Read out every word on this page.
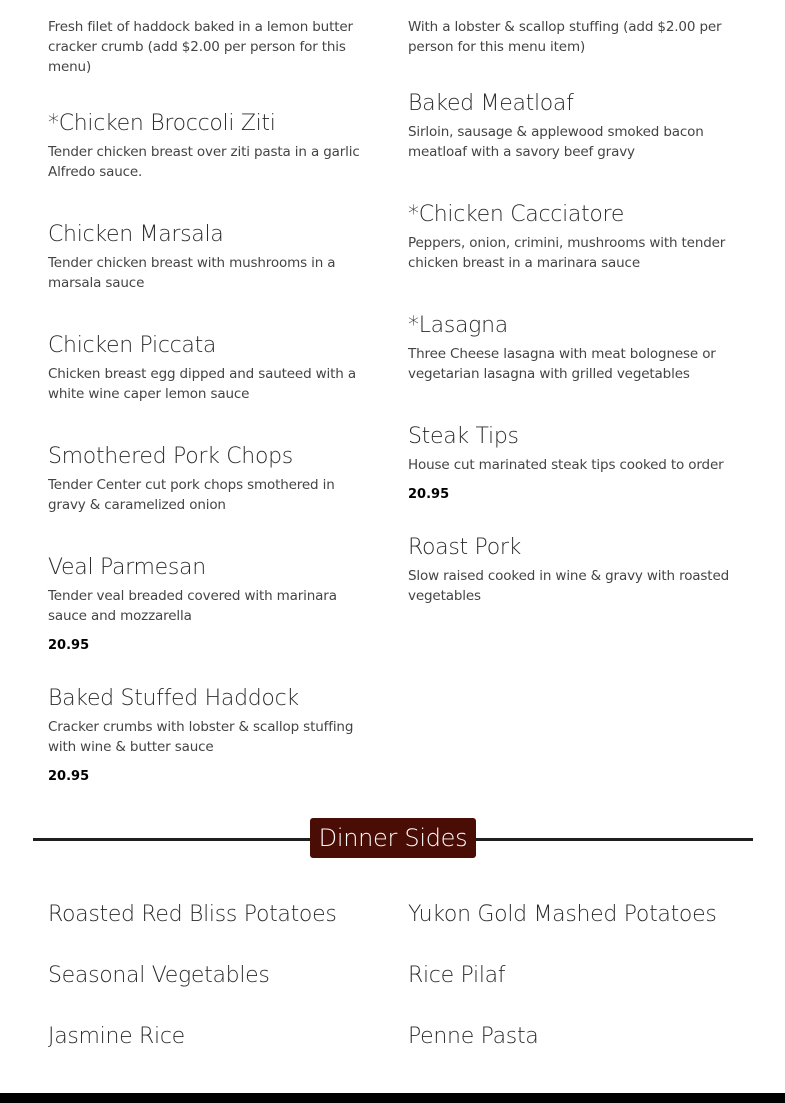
Fresh filet of haddock baked in a lemon butter cracker crumb (add $2.00 per person for this menu)
*Chicken Broccoli Ziti
Tender chicken breast over ziti pasta in a garlic Alfredo sauce.
Chicken Marsala
Tender chicken breast with mushrooms in a marsala sauce
Chicken Piccata
Chicken breast egg dipped and sauteed with a white wine caper lemon sauce
Smothered Pork Chops
Tender Center cut pork chops smothered in gravy & caramelized onion
Veal Parmesan
Tender veal breaded covered with marinara sauce and mozzarella
20.95
Baked Stuffed Haddock
Cracker crumbs with lobster & scallop stuffing with wine & butter sauce
20.95
With a lobster & scallop stuffing (add $2.00 per person for this menu item)
Baked Meatloaf
Sirloin, sausage & applewood smoked bacon meatloaf with a savory beef gravy
*Chicken Cacciatore
Peppers, onion, crimini, mushrooms with tender chicken breast in a marinara sauce
*Lasagna
Three Cheese lasagna with meat bolognese or vegetarian lasagna with grilled vegetables
Steak Tips
House cut marinated steak tips cooked to order
20.95
Roast Pork
Slow raised cooked in wine & gravy with roasted vegetables
Dinner Sides
Roasted Red Bliss Potatoes
Seasonal Vegetables
Jasmine Rice
Yukon Gold Mashed Potatoes
Rice Pilaf
Penne Pasta
